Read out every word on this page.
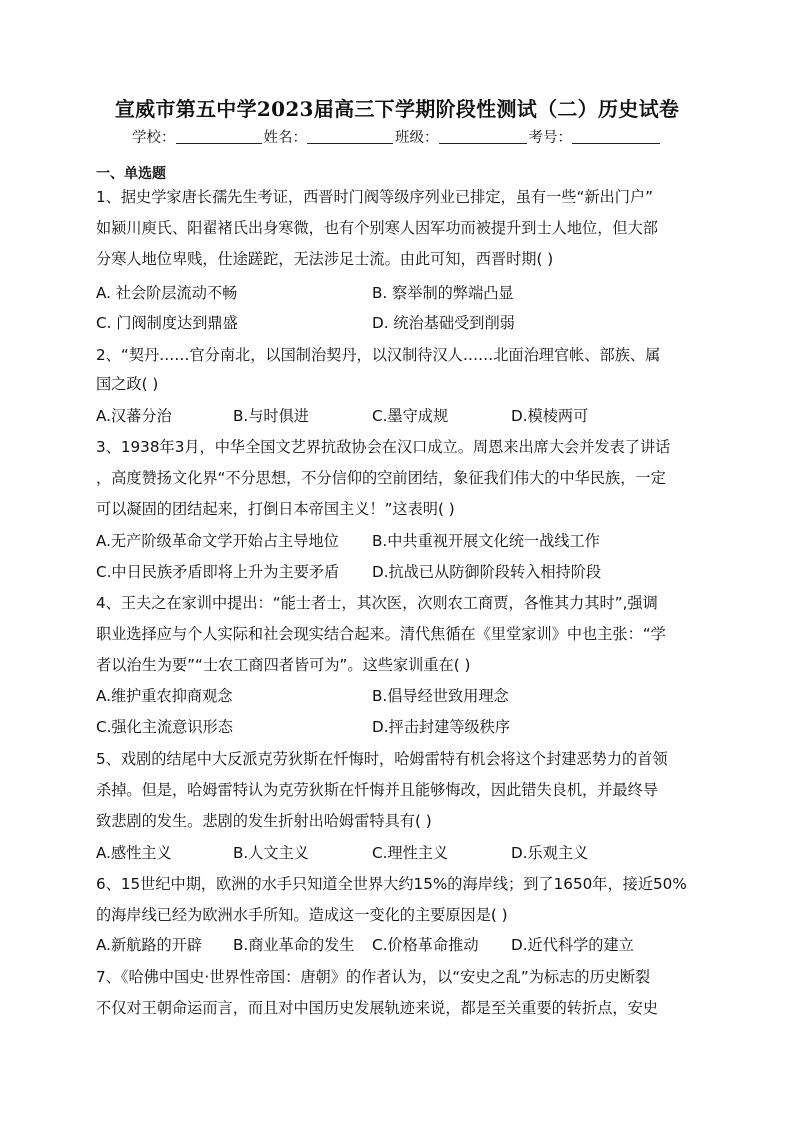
宣威市第五中学2023届高三下学期阶段性测试（二）历史试卷
学校：	姓名：	班级：	考号：
一、单选题
1、据史学家唐长孺先生考证，西晋时门阀等级序列业已排定，虽有一些“新出门户”
如颍川庾氏、阳翟褚氏出身寒微，也有个别寒人因军功而被提升到士人地位，但大部
分寒人地位卑贱，仕途蹉跎，无法涉足士流。由此可知，西晋时期( )
A. 社会阶层流动不畅	B. 察举制的弊端凸显
C. 门阀制度达到鼎盛	D. 统治基础受到削弱
2、“契丹……官分南北，以国制治契丹，以汉制待汉人……北面治理官帐、部族、属
国之政( )
A.汉蕃分治	B.与时俱进	C.墨守成规	D.模棱两可
3、1938年3月，中华全国文艺界抗敌协会在汉口成立。周恩来出席大会并发表了讲话
，高度赞扬文化界“不分思想，不分信仰的空前团结，象征我们伟大的中华民族，一定
可以凝固的团结起来，打倒日本帝国主义！”这表明( )
A.无产阶级革命文学开始占主导地位 B.中共重视开展文化统一战线工作
C.中日民族矛盾即将上升为主要矛盾 D.抗战已从防御阶段转入相持阶段
4、王夫之在家训中提出：“能士者士，其次医，次则农工商贾，各惟其力其时”,强调
职业选择应与个人实际和社会现实结合起来。清代焦循在《里堂家训》中也主张：“学
者以治生为要”“士农工商四者皆可为”。这些家训重在( )
A.维护重农抑商观念	B.倡导经世致用理念
C.强化主流意识形态	D.抨击封建等级秩序
5、戏剧的结尾中大反派克劳狄斯在忏悔时，哈姆雷特有机会将这个封建恶势力的首领
杀掉。但是，哈姆雷特认为克劳狄斯在忏悔并且能够悔改，因此错失良机，并最终导
致悲剧的发生。悲剧的发生折射出哈姆雷特具有( )
A.感性主义	B.人文主义	C.理性主义	D.乐观主义
6、15世纪中期，欧洲的水手只知道全世界大约15%的海岸线；到了1650年，接近50%
的海岸线已经为欧洲水手所知。造成这一变化的主要原因是( )
A.新航路的开辟 B.商业革命的发生 C.价格革命推动 D.近代科学的建立
7、《哈佛中国史·世界性帝国：唐朝》的作者认为，以“安史之乱”为标志的历史断裂
不仅对王朝命运而言，而且对中国历史发展轨迹来说，都是至关重要的转折点，安史
